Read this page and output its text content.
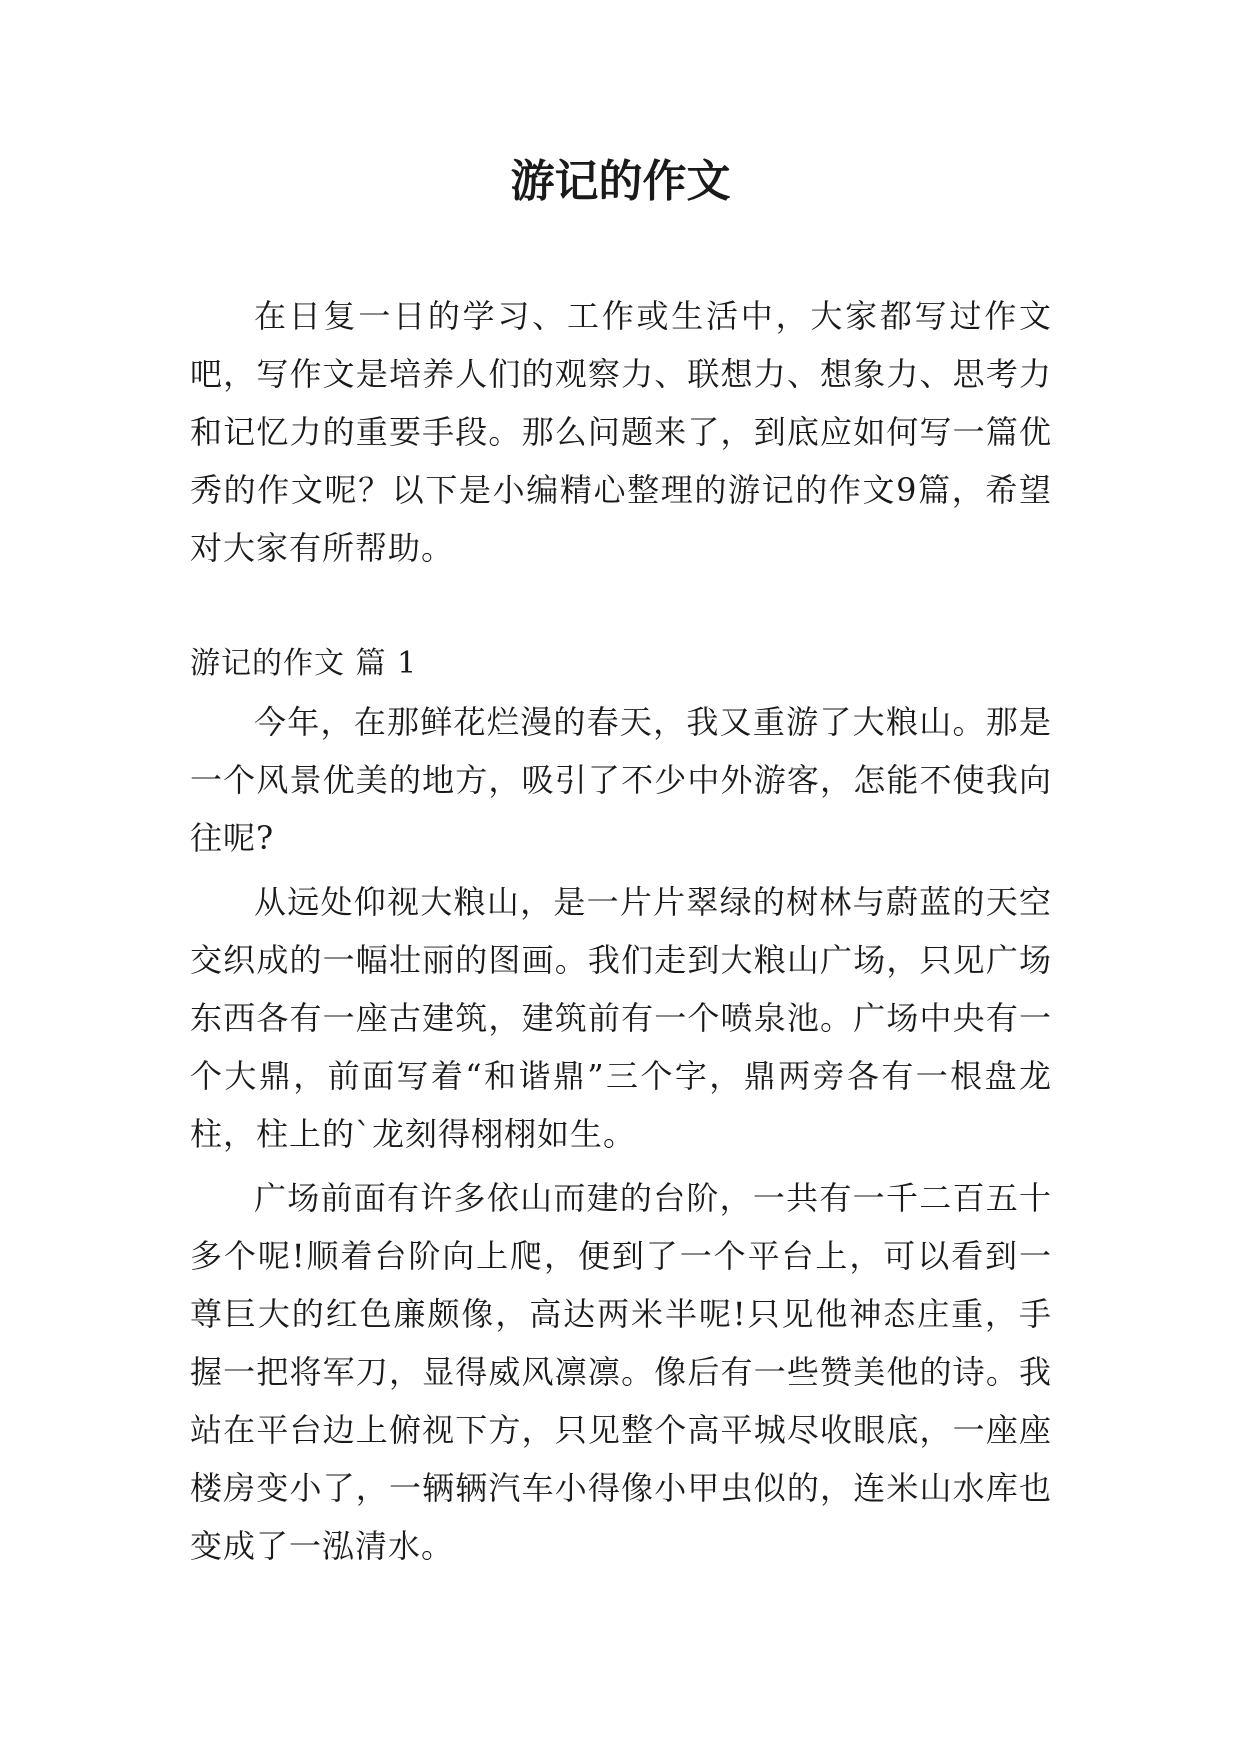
游记的作文

在日复一日的学习、工作或生活中，大家都写过作文吧，写作文是培养人们的观察力、联想力、想象力、思考力和记忆力的重要手段。那么问题来了，到底应如何写一篇优秀的作文呢？以下是小编精心整理的游记的作文9篇，希望对大家有所帮助。

游记的作文 篇 1

今年，在那鲜花烂漫的春天，我又重游了大粮山。那是一个风景优美的地方，吸引了不少中外游客，怎能不使我向往呢?

从远处仰视大粮山，是一片片翠绿的树林与蔚蓝的天空交织成的一幅壮丽的图画。我们走到大粮山广场，只见广场东西各有一座古建筑，建筑前有一个喷泉池。广场中央有一个大鼎，前面写着“和谐鼎”三个字，鼎两旁各有一根盘龙柱，柱上的`龙刻得栩栩如生。

广场前面有许多依山而建的台阶，一共有一千二百五十多个呢!顺着台阶向上爬，便到了一个平台上，可以看到一尊巨大的红色廉颇像，高达两米半呢!只见他神态庄重，手握一把将军刀，显得威风凛凛。像后有一些赞美他的诗。我站在平台边上俯视下方，只见整个高平城尽收眼底，一座座楼房变小了，一辆辆汽车小得像小甲虫似的，连米山水库也变成了一泓清水。
